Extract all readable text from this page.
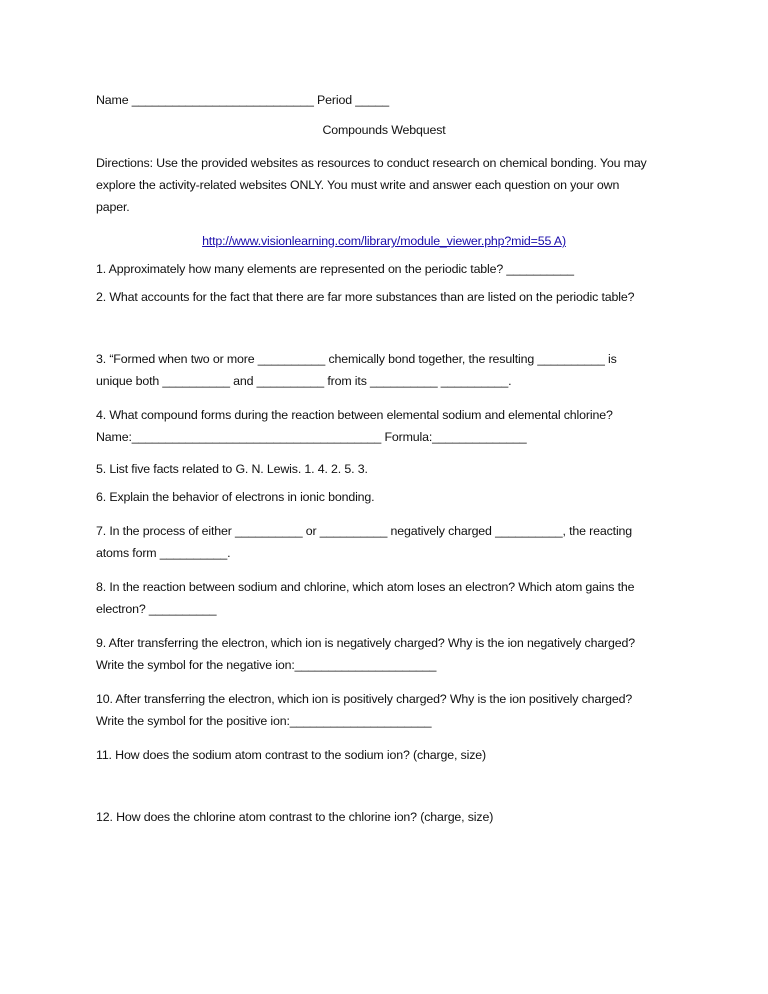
Name ___________________________ Period _____
Compounds Webquest
Directions: Use the provided websites as resources to conduct research on chemical bonding. You may
explore the activity-related websites ONLY. You must write and answer each question on your own
paper.
http://www.visionlearning.com/library/module_viewer.php?mid=55 A)
1. Approximately how many elements are represented on the periodic table? __________
2. What accounts for the fact that there are far more substances than are listed on the periodic table?
3. “Formed when two or more __________ chemically bond together, the resulting __________ is
unique both __________ and __________ from its __________ __________.
4. What compound forms during the reaction between elemental sodium and elemental chlorine?
Name:_____________________________________ Formula:______________
5. List five facts related to G. N. Lewis. 1. 4. 2. 5. 3.
6. Explain the behavior of electrons in ionic bonding.
7. In the process of either __________ or __________ negatively charged __________, the reacting
atoms form __________.
8. In the reaction between sodium and chlorine, which atom loses an electron? Which atom gains the
electron? __________
9. After transferring the electron, which ion is negatively charged? Why is the ion negatively charged?
Write the symbol for the negative ion:_____________________
10. After transferring the electron, which ion is positively charged? Why is the ion positively charged?
Write the symbol for the positive ion:_____________________
11. How does the sodium atom contrast to the sodium ion? (charge, size)
12. How does the chlorine atom contrast to the chlorine ion? (charge, size)
